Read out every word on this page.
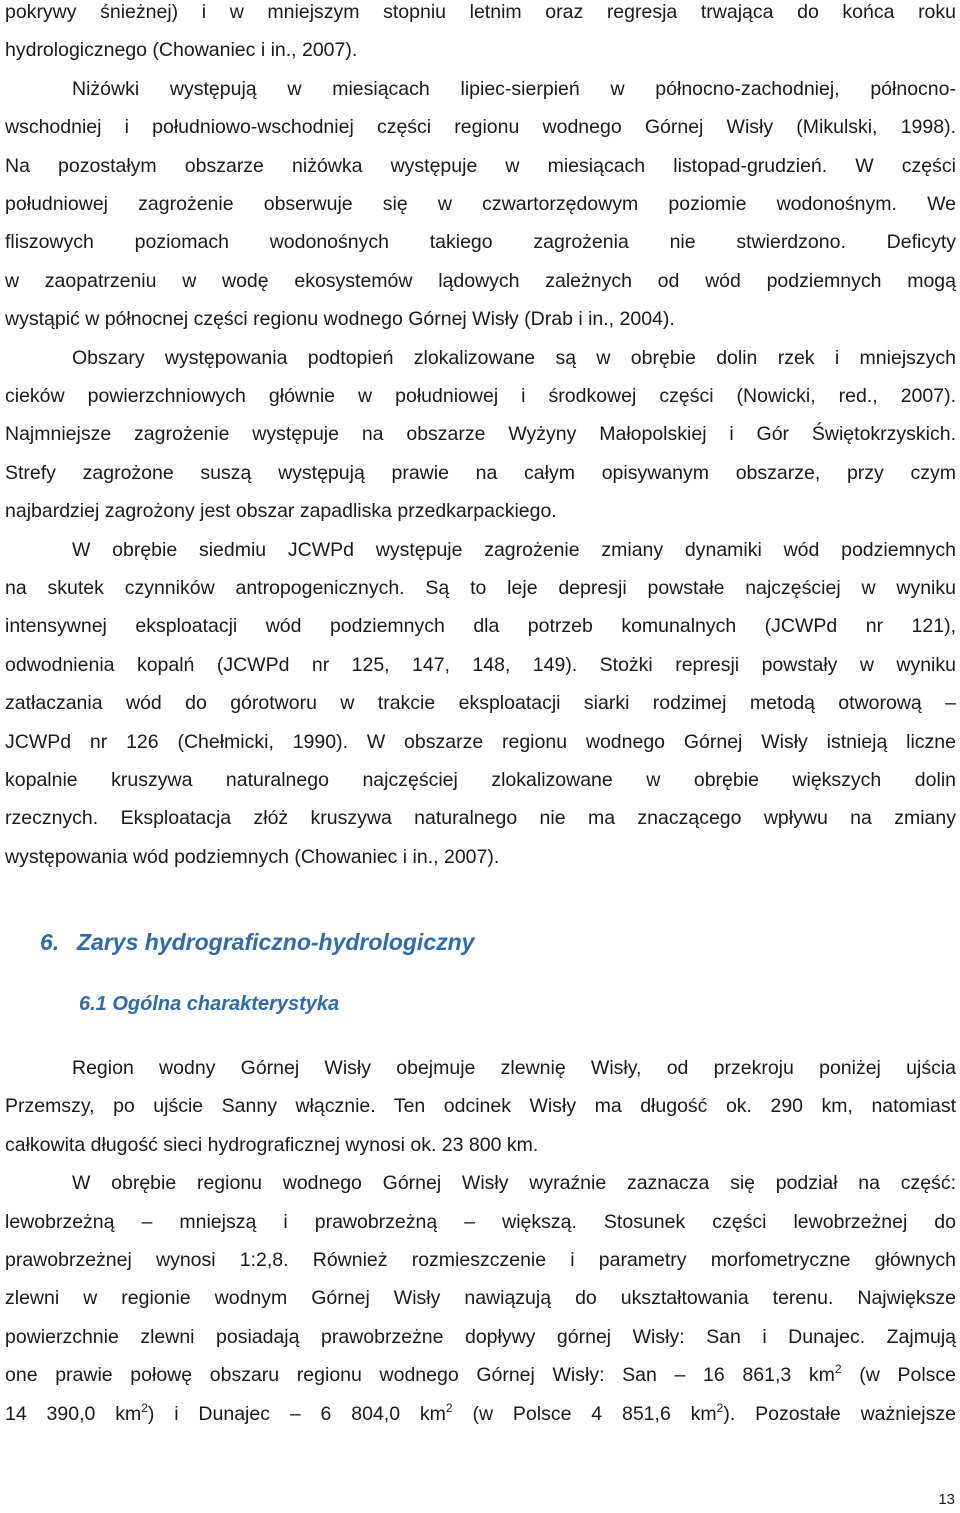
pokrywy śnieżnej) i w mniejszym stopniu letnim oraz regresja trwająca do końca roku
hydrologicznego (Chowaniec i in., 2007).
Niżówki występują w miesiącach lipiec-sierpień w północno-zachodniej, północno-
wschodniej i południowo-wschodniej części regionu wodnego Górnej Wisły (Mikulski, 1998).
Na pozostałym obszarze niżówka występuje w miesiącach listopad-grudzień. W części
południowej zagrożenie obserwuje się w czwartorzędowym poziomie wodonośnym. We
fliszowych poziomach wodonośnych takiego zagrożenia nie stwierdzono. Deficyty
w zaopatrzeniu w wodę ekosystemów lądowych zależnych od wód podziemnych mogą
wystąpić w północnej części regionu wodnego Górnej Wisły (Drab i in., 2004).
Obszary występowania podtopień zlokalizowane są w obrębie dolin rzek i mniejszych
cieków powierzchniowych głównie w południowej i środkowej części (Nowicki, red., 2007).
Najmniejsze zagrożenie występuje na obszarze Wyżyny Małopolskiej i Gór Świętokrzyskich.
Strefy zagrożone suszą występują prawie na całym opisywanym obszarze, przy czym
najbardziej zagrożony jest obszar zapadliska przedkarpackiego.
W obrębie siedmiu JCWPd występuje zagrożenie zmiany dynamiki wód podziemnych
na skutek czynników antropogenicznych. Są to leje depresji powstałe najczęściej w wyniku
intensywnej eksploatacji wód podziemnych dla potrzeb komunalnych (JCWPd nr 121),
odwodnienia kopalń (JCWPd nr 125, 147, 148, 149). Stożki represji powstały w wyniku
zatłaczania wód do górotworu w trakcie eksploatacji siarki rodzimej metodą otworową –
JCWPd nr 126 (Chełmicki, 1990). W obszarze regionu wodnego Górnej Wisły istnieją liczne
kopalnie kruszywa naturalnego najczęściej zlokalizowane w obrębie większych dolin
rzecznych. Eksploatacja złóż kruszywa naturalnego nie ma znaczącego wpływu na zmiany
występowania wód podziemnych (Chowaniec i in., 2007).
6. Zarys hydrograficzno-hydrologiczny
6.1 Ogólna charakterystyka
Region wodny Górnej Wisły obejmuje zlewnię Wisły, od przekroju poniżej ujścia
Przemszy, po ujście Sanny włącznie. Ten odcinek Wisły ma długość ok. 290 km, natomiast
całkowita długość sieci hydrograficznej wynosi ok. 23 800 km.
W obrębie regionu wodnego Górnej Wisły wyraźnie zaznacza się podział na część:
lewobrzeżną – mniejszą i prawobrzeżną – większą. Stosunek części lewobrzeżnej do
prawobrzeżnej wynosi 1:2,8. Również rozmieszczenie i parametry morfometryczne głównych
zlewni w regionie wodnym Górnej Wisły nawiązują do ukształtowania terenu. Największe
powierzchnie zlewni posiadają prawobrzeżne dopływy górnej Wisły: San i Dunajec. Zajmują
one prawie połowę obszaru regionu wodnego Górnej Wisły: San – 16 861,3 $km^2$ (w Polsce
14 390,0 $km^2$) i Dunajec – 6 804,0 $km^2$ (w Polsce 4 851,6 $km^2$). Pozostałe ważniejsze
13
